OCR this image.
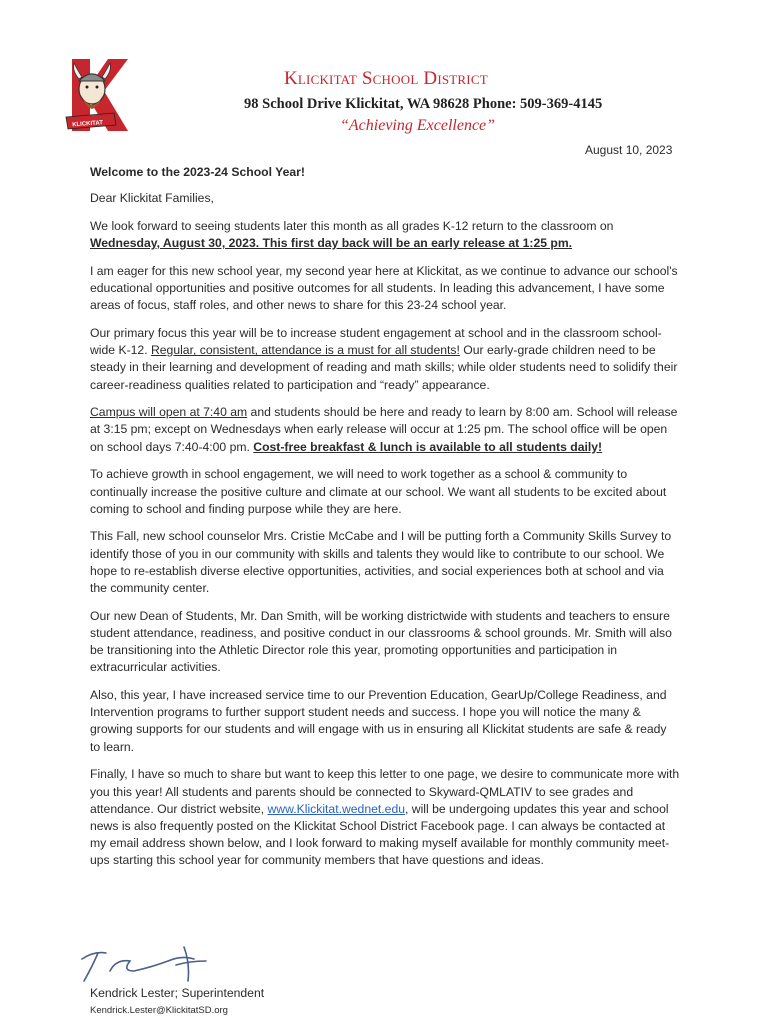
KLICKITAT
Klickitat School District
98 School Drive Klickitat, WA 98628 Phone: 509-369-4145
“Achieving Excellence”
August 10, 2023

Welcome to the 2023-24 School Year!

Dear Klickitat Families,

We look forward to seeing students later this month as all grades K-12 return to the classroom on Wednesday, August 30, 2023. This first day back will be an early release at 1:25 pm.

I am eager for this new school year, my second year here at Klickitat, as we continue to advance our school's educational opportunities and positive outcomes for all students. In leading this advancement, I have some areas of focus, staff roles, and other news to share for this 23-24 school year.

Our primary focus this year will be to increase student engagement at school and in the classroom school-wide K-12. Regular, consistent, attendance is a must for all students! Our early-grade children need to be steady in their learning and development of reading and math skills; while older students need to solidify their career-readiness qualities related to participation and “ready” appearance.

Campus will open at 7:40 am and students should be here and ready to learn by 8:00 am. School will release at 3:15 pm; except on Wednesdays when early release will occur at 1:25 pm. The school office will be open on school days 7:40-4:00 pm. Cost-free breakfast & lunch is available to all students daily!

To achieve growth in school engagement, we will need to work together as a school & community to continually increase the positive culture and climate at our school. We want all students to be excited about coming to school and finding purpose while they are here.

This Fall, new school counselor Mrs. Cristie McCabe and I will be putting forth a Community Skills Survey to identify those of you in our community with skills and talents they would like to contribute to our school. We hope to re-establish diverse elective opportunities, activities, and social experiences both at school and via the community center.

Our new Dean of Students, Mr. Dan Smith, will be working districtwide with students and teachers to ensure student attendance, readiness, and positive conduct in our classrooms & school grounds. Mr. Smith will also be transitioning into the Athletic Director role this year, promoting opportunities and participation in extracurricular activities.

Also, this year, I have increased service time to our Prevention Education, GearUp/College Readiness, and Intervention programs to further support student needs and success. I hope you will notice the many & growing supports for our students and will engage with us in ensuring all Klickitat students are safe & ready to learn.

Finally, I have so much to share but want to keep this letter to one page, we desire to communicate more with you this year! All students and parents should be connected to Skyward-QMLATIV to see grades and attendance. Our district website, www.Klickitat.wednet.edu, will be undergoing updates this year and school news is also frequently posted on the Klickitat School District Facebook page. I can always be contacted at my email address shown below, and I look forward to making myself available for monthly community meet-ups starting this school year for community members that have questions and ideas.

Kendrick Lester; Superintendent
Kendrick.Lester@KlickitatSD.org
